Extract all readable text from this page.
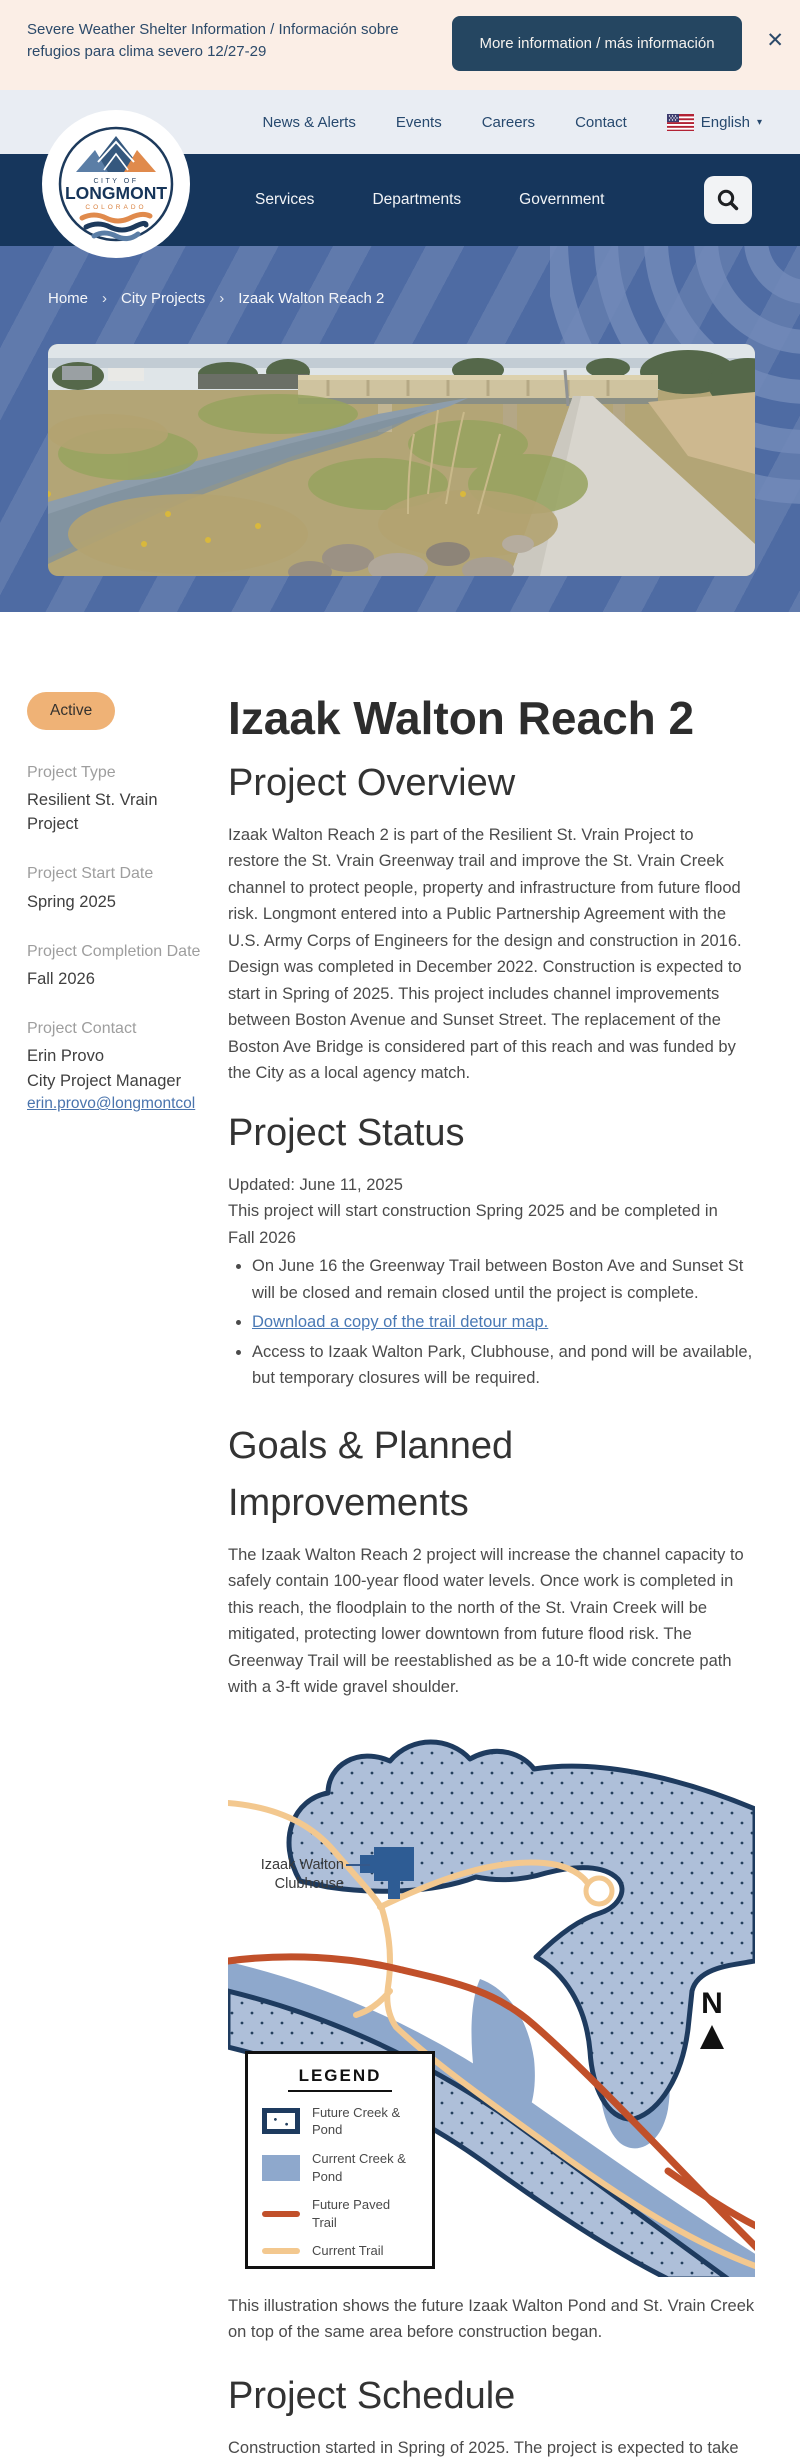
Severe Weather Shelter Information / Información sobre refugios para clima severo 12/27-29	More information / más información	✕
News & Alerts	Events	Careers	Contact	English ▾
Services	Departments	Government
CITY OF
LONGMONT
COLORADO
Home › City Projects › Izaak Walton Reach 2
Active
Project Type
Resilient St. Vrain Project
Project Start Date
Spring 2025
Project Completion Date
Fall 2026
Project Contact
Erin Provo
City Project Manager
erin.provo@longmontcol
Izaak Walton Reach 2
Project Overview

Izaak Walton Reach 2 is part of the Resilient St. Vrain Project to restore the St. Vrain Greenway trail and improve the St. Vrain Creek channel to protect people, property and infrastructure from future flood risk. Longmont entered into a Public Partnership Agreement with the U.S. Army Corps of Engineers for the design and construction in 2016. Design was completed in December 2022. Construction is expected to start in Spring of 2025. This project includes channel improvements between Boston Avenue and Sunset Street. The replacement of the Boston Ave Bridge is considered part of this reach and was funded by the City as a local agency match.

Project Status

Updated: June 11, 2025

This project will start construction Spring 2025 and be completed in Fall 2026

• On June 16 the Greenway Trail between Boston Ave and Sunset St will be closed and remain closed until the project is complete.
• Download a copy of the trail detour map.
• Access to Izaak Walton Park, Clubhouse, and pond will be available, but temporary closures will be required.
Goals & Planned Improvements

The Izaak Walton Reach 2 project will increase the channel capacity to safely contain 100-year flood water levels. Once work is completed in this reach, the floodplain to the north of the St. Vrain Creek will be mitigated, protecting lower downtown from future flood risk. The Greenway Trail will be reestablished as be a 10-ft wide concrete path with a 3-ft wide gravel shoulder.

Izaak Walton
Clubhouse
N
LEGEND
Future Creek & Pond
Current Creek & Pond
Future Paved Trail
Current Trail

This illustration shows the future Izaak Walton Pond and St. Vrain Creek on top of the same area before construction began.

Project Schedule

Construction started in Spring of 2025. The project is expected to take
